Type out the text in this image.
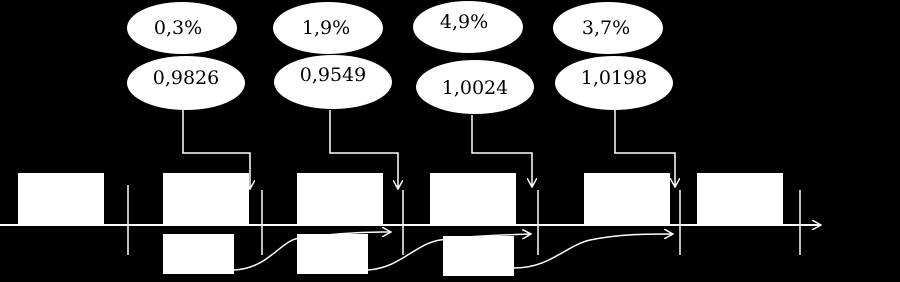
0,3%	1,9%	4,9%	3,7%
0,9826	0,9549
1,0024	1,0198
